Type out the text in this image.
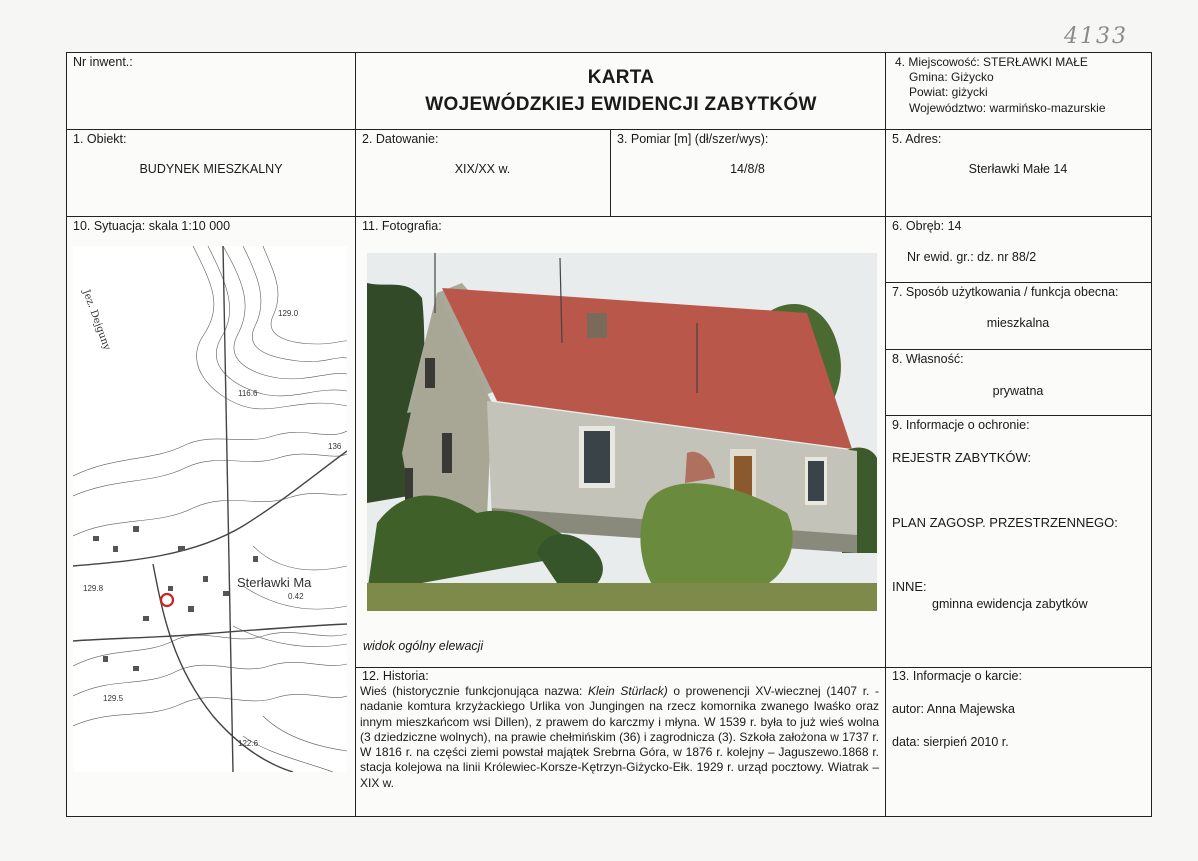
4133
Nr inwent.:
KARTA
WOJEWÓDZKIEJ EWIDENCJI ZABYTKÓW
4. Miejscowość: STERŁAWKI MAŁE
Gmina: Giżycko
Powiat: giżycki
Województwo: warmińsko-mazurskie
1. Obiekt:
BUDYNEK MIESZKALNY
2. Datowanie:
XIX/XX w.
3. Pomiar [m] (dł/szer/wys):
14/8/8
5. Adres:
Sterławki Małe 14
10. Sytuacja: skala 1:10 000
Sterławki Ma
129.0
116.6
136
129.8
129.5
122.6
0.42
Jez. Dejguny
11. Fotografia:
widok ogólny elewacji
6. Obręb: 14
Nr ewid. gr.: dz. nr 88/2
7. Sposób użytkowania / funkcja obecna:
mieszkalna
8. Własność:
prywatna
9. Informacje o ochronie:
REJESTR ZABYTKÓW:
PLAN ZAGOSP. PRZESTRZENNEGO:
INNE:
gminna ewidencja zabytków
12. Historia:
Wieś (historycznie funkcjonująca nazwa: Klein Stürlack) o prowenencji XV-wiecznej (1407 r. - nadanie komtura krzyżackiego Urlika von Jungingen na rzecz komornika zwanego Iwaśko oraz innym mieszkańcom wsi Dillen), z prawem do karczmy i młyna. W 1539 r. była to już wieś wolna (3 dziedziczne wolnych), na prawie chełmińskim (36) i zagrodnicza (3). Szkoła założona w 1737 r. W 1816 r. na części ziemi powstał majątek Srebrna Góra, w 1876 r. kolejny – Jaguszewo.1868 r. stacja kolejowa na linii Królewiec-Korsze-Kętrzyn-Giżycko-Ełk. 1929 r. urząd pocztowy. Wiatrak – XIX w.
13. Informacje o karcie:
autor: Anna Majewska
data: sierpień 2010 r.
